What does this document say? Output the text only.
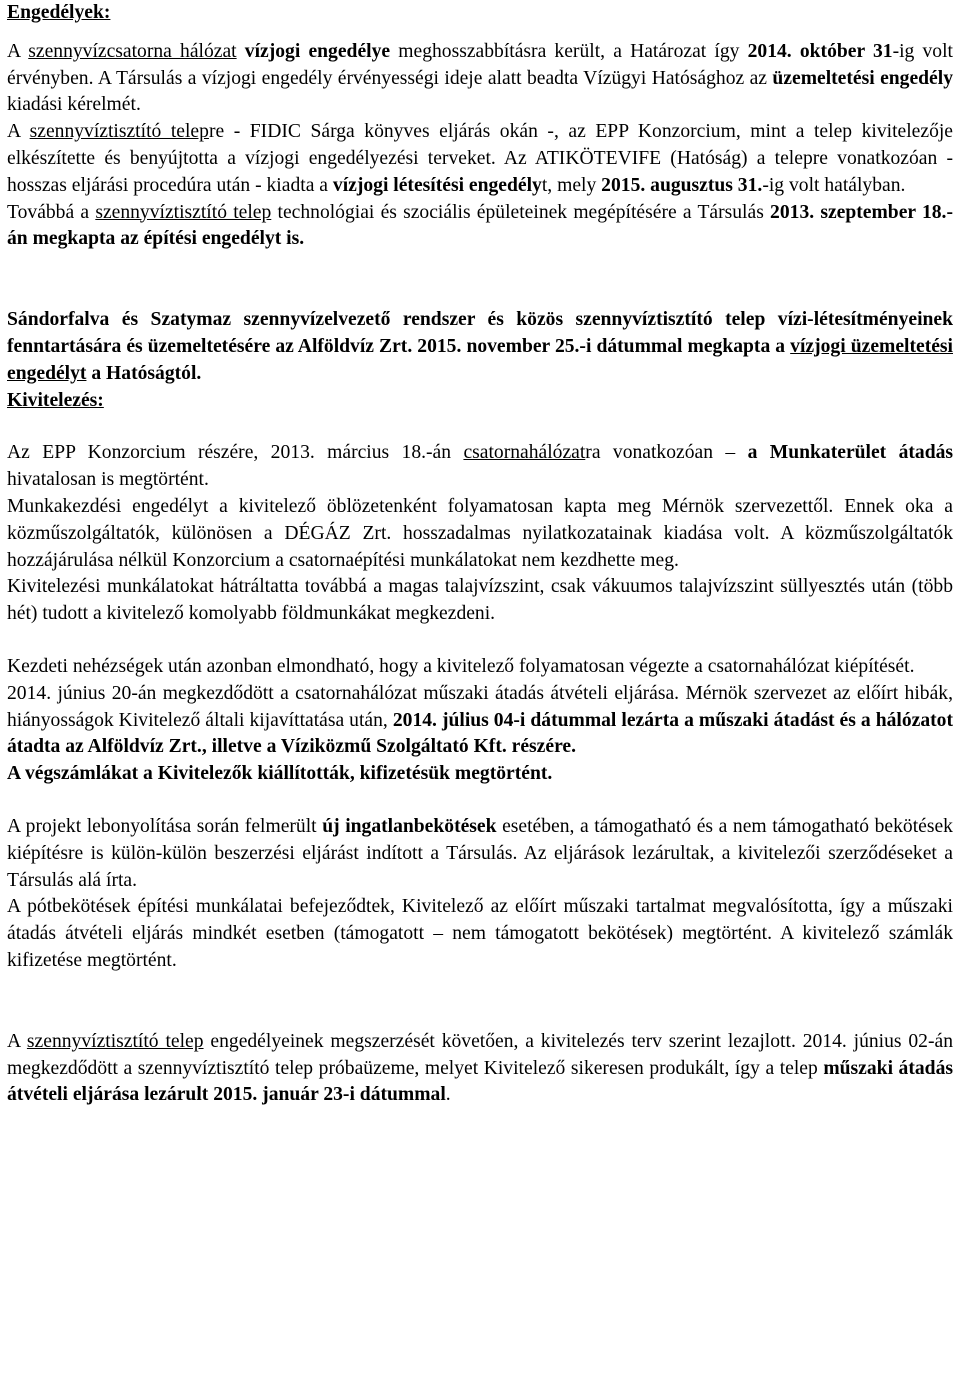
Engedélyek:

A szennyvízcsatorna hálózat vízjogi engedélye meghosszabbításra került, a Határozat így 2014. október 31-ig volt érvényben. A Társulás a vízjogi engedély érvényességi ideje alatt beadta Vízügyi Hatósághoz az üzemeltetési engedély kiadási kérelmét.

A szennyvíztisztító telepre - FIDIC Sárga könyves eljárás okán -, az EPP Konzorcium, mint a telep kivitelezője elkészítette és benyújtotta a vízjogi engedélyezési terveket. Az ATIKÖTEVIFE (Hatóság) a telepre vonatkozóan - hosszas eljárási procedúra után - kiadta a vízjogi létesítési engedélyt, mely 2015. augusztus 31.-ig volt hatályban.

Továbbá a szennyvíztisztító telep technológiai és szociális épületeinek megépítésére a Társulás 2013. szeptember 18.-án megkapta az építési engedélyt is.

Sándorfalva és Szatymaz szennyvízelvezető rendszer és közös szennyvíztisztító telep vízi-létesítményeinek fenntartására és üzemeltetésére az Alföldvíz Zrt. 2015. november 25.-i dátummal megkapta a vízjogi üzemeltetési engedélyt a Hatóságtól.

Kivitelezés:

Az EPP Konzorcium részére, 2013. március 18.-án csatornahálózatra vonatkozóan – a Munkaterület átadás hivatalosan is megtörtént.

Munkakezdési engedélyt a kivitelező öblözetenként folyamatosan kapta meg Mérnök szervezettől. Ennek oka a közműszolgáltatók, különösen a DÉGÁZ Zrt. hosszadalmas nyilatkozatainak kiadása volt. A közműszolgáltatók hozzájárulása nélkül Konzorcium a csatornaépítési munkálatokat nem kezdhette meg.

Kivitelezési munkálatokat hátráltatta továbbá a magas talajvízszint, csak vákuumos talajvízszint süllyesztés után (több hét) tudott a kivitelező komolyabb földmunkákat megkezdeni.

Kezdeti nehézségek után azonban elmondható, hogy a kivitelező folyamatosan végezte a csatornahálózat kiépítését.

2014. június 20-án megkezdődött a csatornahálózat műszaki átadás átvételi eljárása. Mérnök szervezet az előírt hibák, hiányosságok Kivitelező általi kijavíttatása után, 2014. július 04-i dátummal lezárta a műszaki átadást és a hálózatot átadta az Alföldvíz Zrt., illetve a Víziközmű Szolgáltató Kft. részére.

A végszámlákat a Kivitelezők kiállították, kifizetésük megtörtént.

A projekt lebonyolítása során felmerült új ingatlanbekötések esetében, a támogatható és a nem támogatható bekötések kiépítésre is külön-külön beszerzési eljárást indított a Társulás. Az eljárások lezárultak, a kivitelezői szerződéseket a Társulás alá írta.

A pótbekötések építési munkálatai befejeződtek, Kivitelező az előírt műszaki tartalmat megvalósította, így a műszaki átadás átvételi eljárás mindkét esetben (támogatott – nem támogatott bekötések) megtörtént. A kivitelező számlák kifizetése megtörtént.

A szennyvíztisztító telep engedélyeinek megszerzését követően, a kivitelezés terv szerint lezajlott. 2014. június 02-án megkezdődött a szennyvíztisztító telep próbaüzeme, melyet Kivitelező sikeresen produkált, így a telep műszaki átadás átvételi eljárása lezárult 2015. január 23-i dátummal.
